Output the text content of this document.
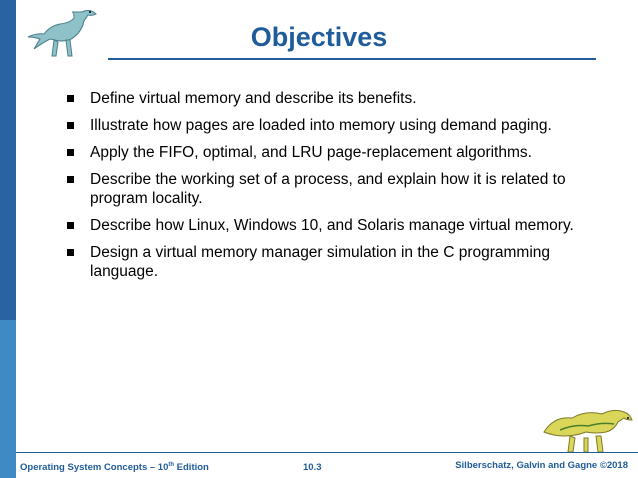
Objectives
Define virtual memory and describe its benefits.
Illustrate how pages are loaded into memory using demand paging.
Apply the FIFO, optimal, and LRU page-replacement algorithms.
Describe the working set of a process, and explain how it is related to program locality.
Describe how Linux, Windows 10, and Solaris manage virtual memory.
Design a virtual memory manager simulation in the C programming language.
Operating System Concepts – 10th Edition	10.3	Silberschatz, Galvin and Gagne ©2018
